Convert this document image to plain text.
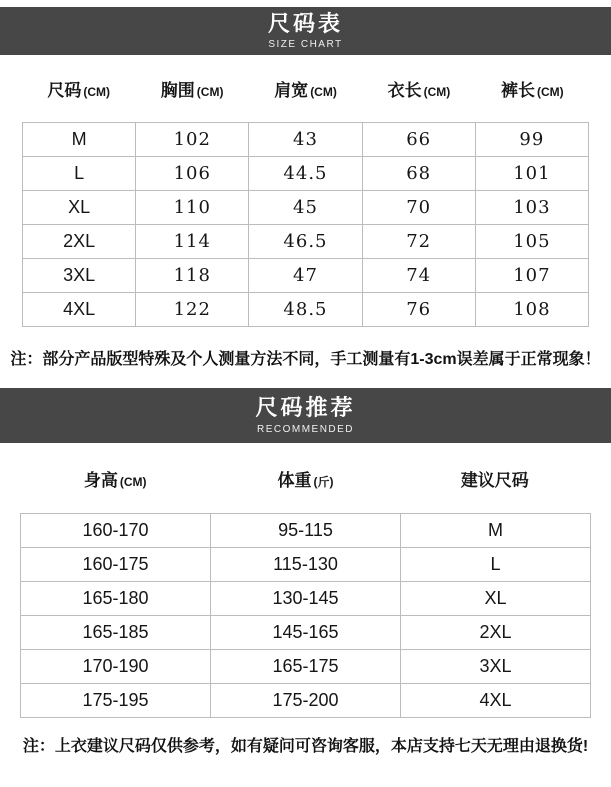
尺码表
SIZE CHART
尺码 (CM)	胸围 (CM)	肩宽 (CM)	衣长 (CM)	裤长 (CM)
M	102	43	66	99
L	106	44.5	68	101
XL	110	45	70	103
2XL	114	46.5	72	105
3XL	118	47	74	107
4XL	122	48.5	76	108
注：部分产品版型特殊及个人测量方法不同，手工测量有1-3cm误差属于正常现象！
尺码推荐
RECOMMENDED
身高 (CM)	体重 (斤)	建议尺码
160-170	95-115	M
160-175	115-130	L
165-180	130-145	XL
165-185	145-165	2XL
170-190	165-175	3XL
175-195	175-200	4XL
注：上衣建议尺码仅供参考，如有疑问可咨询客服，本店支持七天无理由退换货!
